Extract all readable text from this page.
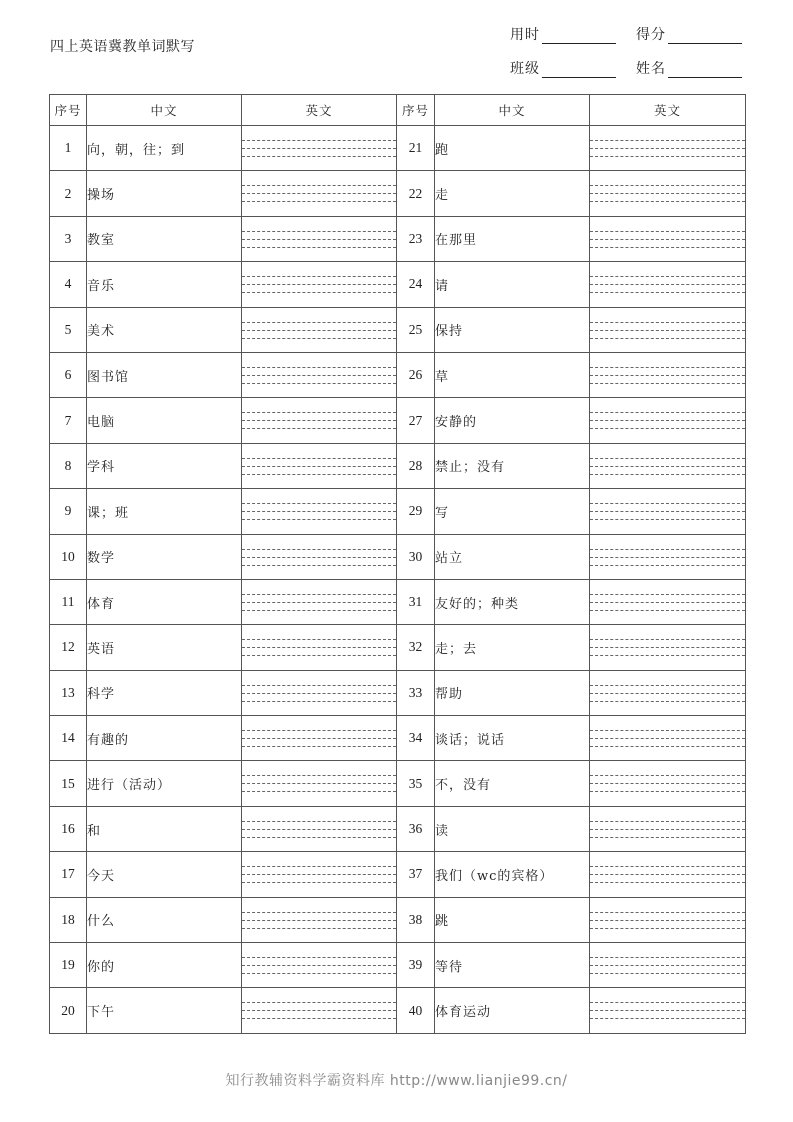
四上英语冀教单词默写
用时	得分
班级	姓名
序号	中文	英文	序号	中文	英文
1	向，朝，往；到		21	跑	

2	操场		22	走	

3	教室		23	在那里	

4	音乐		24	请	

5	美术		25	保持	

6	图书馆		26	草	

7	电脑		27	安静的	

8	学科		28	禁止；没有	

9	课；班		29	写	

10	数学		30	站立	

11	体育		31	友好的；种类	

12	英语		32	走；去	

13	科学		33	帮助	

14	有趣的		34	谈话；说话	

15	进行（活动）		35	不，没有	

16	和		36	读	

17	今天		37	我们（wc的宾格）	

18	什么		38	跳	

19	你的		39	等待	

20	下午		40	体育运动	
知行教辅资料学霸资料库 http://www.lianjie99.cn/
